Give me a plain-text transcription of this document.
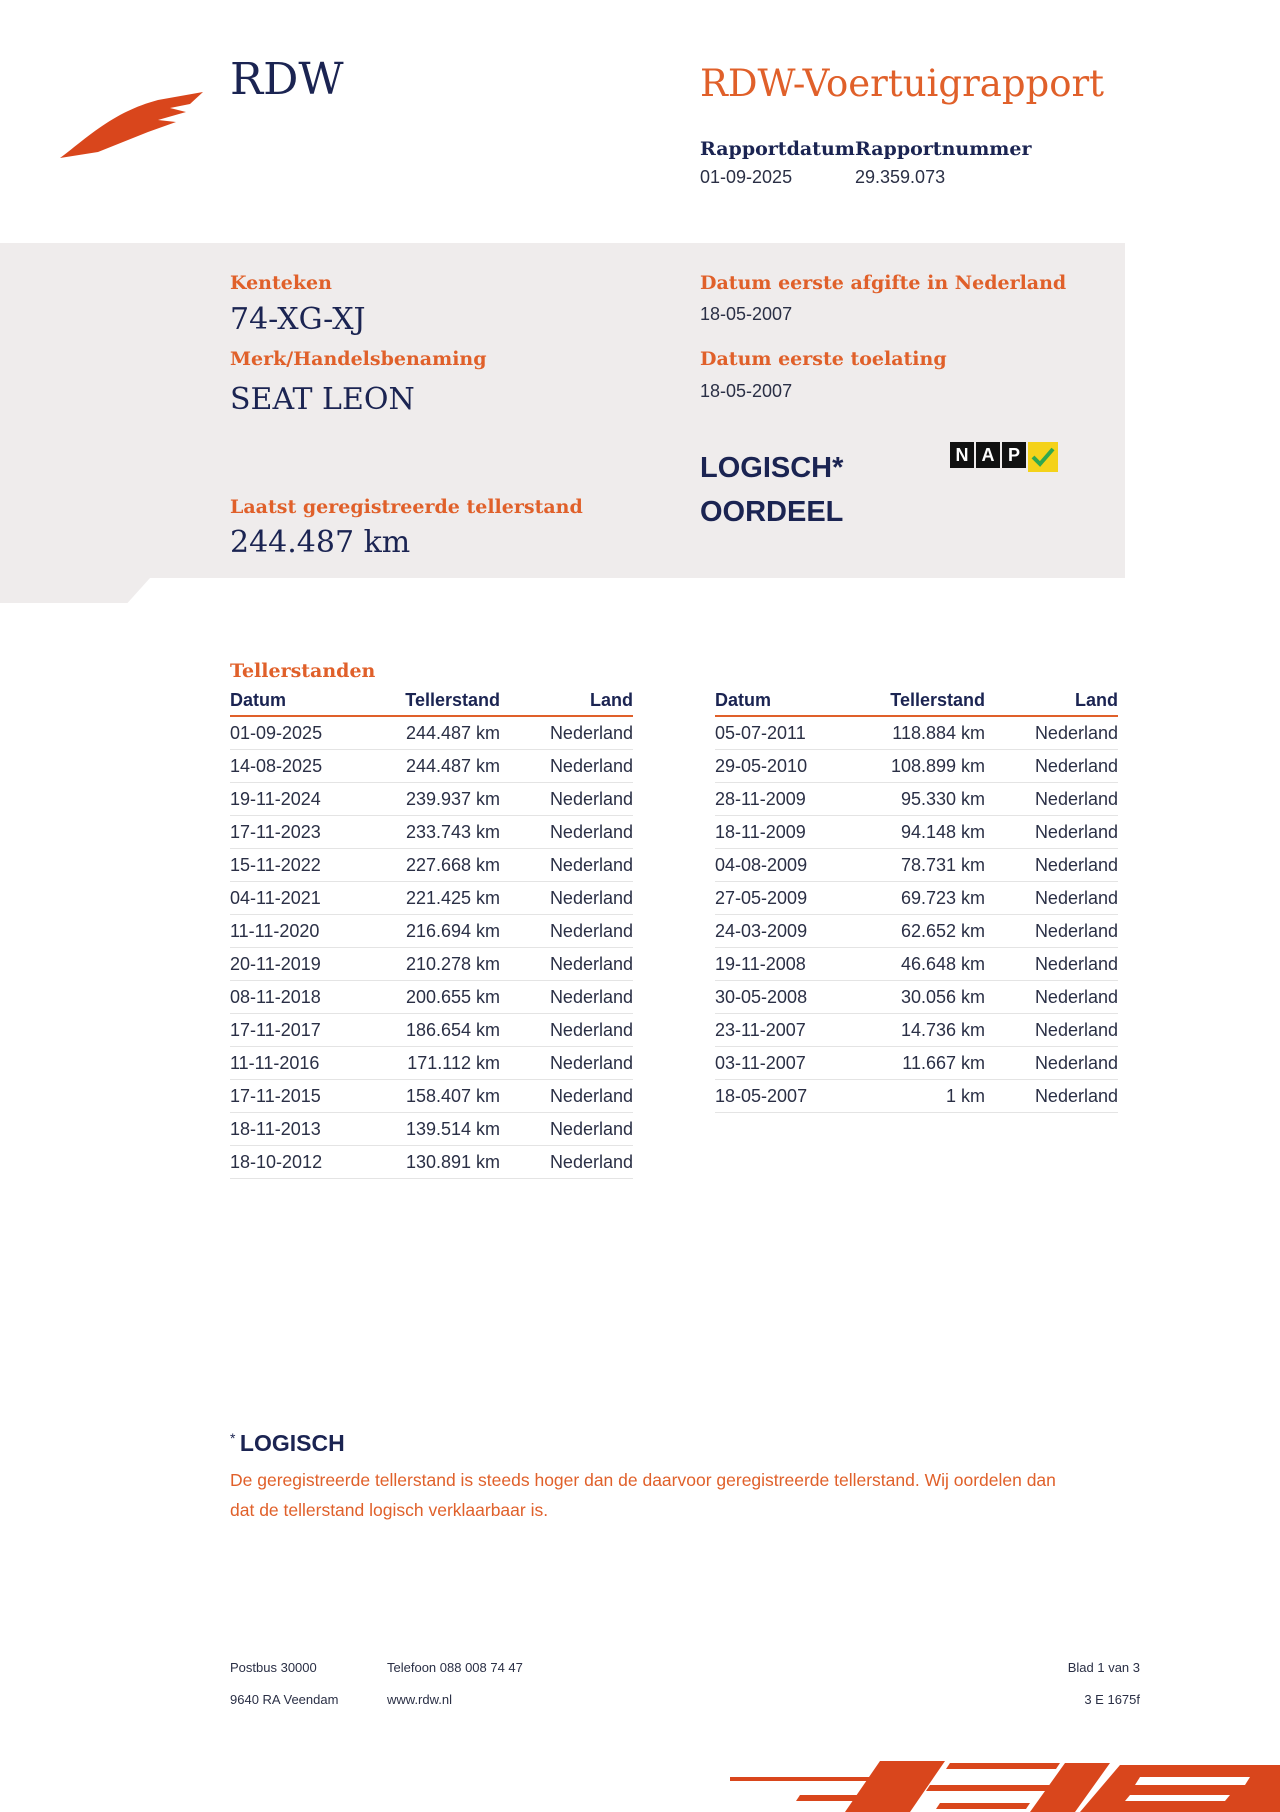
RDW	RDW-Voertuigrapport
Rapportdatum
01-09-2025
Rapportnummer
29.359.073
Kenteken
74-XG-XJ
Merk/Handelsbenaming
SEAT LEON
Laatst geregistreerde tellerstand
244.487 km
Datum eerste afgifte in Nederland
18-05-2007
Datum eerste toelating
18-05-2007
LOGISCH*
OORDEEL
N A P
Tellerstanden
Datum	Tellerstand	Land
01-09-2025	244.487 km	Nederland
14-08-2025	244.487 km	Nederland
19-11-2024	239.937 km	Nederland
17-11-2023	233.743 km	Nederland
15-11-2022	227.668 km	Nederland
04-11-2021	221.425 km	Nederland
11-11-2020	216.694 km	Nederland
20-11-2019	210.278 km	Nederland
08-11-2018	200.655 km	Nederland
17-11-2017	186.654 km	Nederland
11-11-2016	171.112 km	Nederland
17-11-2015	158.407 km	Nederland
18-11-2013	139.514 km	Nederland
18-10-2012	130.891 km	Nederland
Datum	Tellerstand	Land
05-07-2011	118.884 km	Nederland
29-05-2010	108.899 km	Nederland
28-11-2009	95.330 km	Nederland
18-11-2009	94.148 km	Nederland
04-08-2009	78.731 km	Nederland
27-05-2009	69.723 km	Nederland
24-03-2009	62.652 km	Nederland
19-11-2008	46.648 km	Nederland
30-05-2008	30.056 km	Nederland
23-11-2007	14.736 km	Nederland
03-11-2007	11.667 km	Nederland
18-05-2007	1 km	Nederland
* LOGISCH
De geregistreerde tellerstand is steeds hoger dan de daarvoor geregistreerde tellerstand. Wij oordelen dan
dat de tellerstand logisch verklaarbaar is.
Postbus 30000
9640 RA Veendam
Telefoon 088 008 74 47
www.rdw.nl
Blad 1 van 3
3 E 1675f
